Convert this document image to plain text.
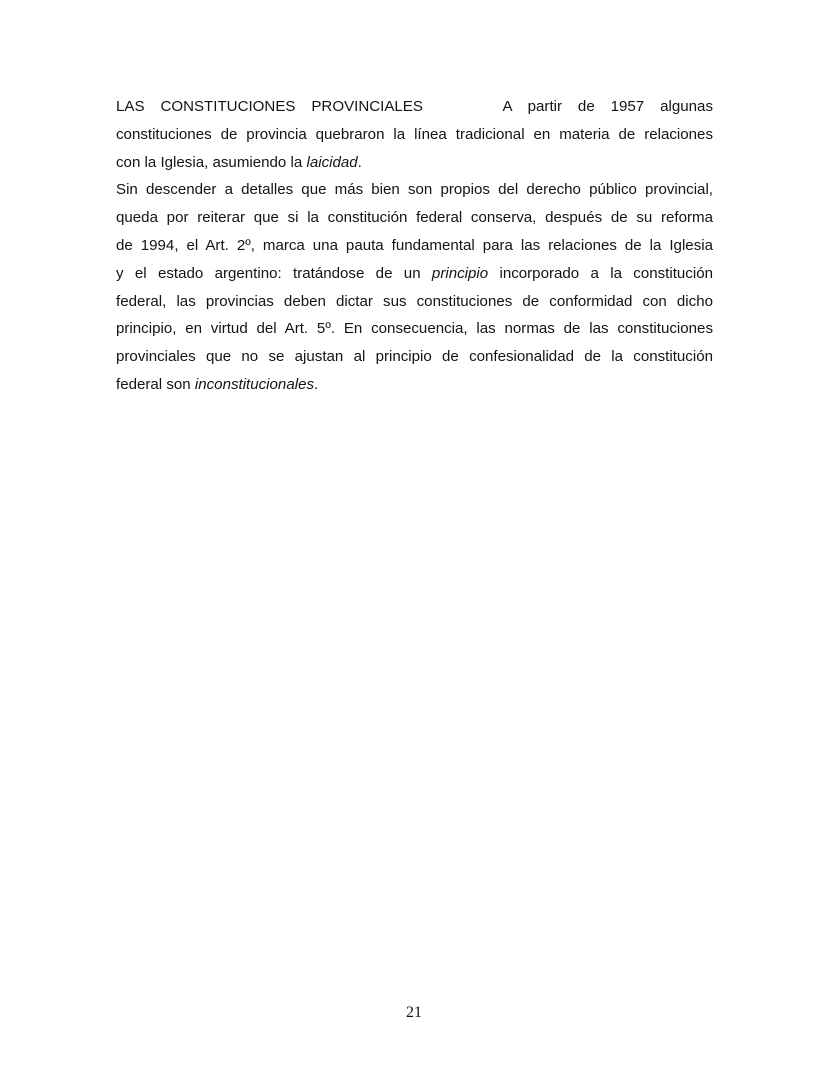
LAS CONSTITUCIONES PROVINCIALES	A partir de 1957 algunas
constituciones de provincia quebraron la línea tradicional en materia de relaciones
con la Iglesia, asumiendo la laicidad.
Sin descender a detalles que más bien son propios del derecho público provincial,
queda por reiterar que si la constitución federal conserva, después de su reforma
de 1994, el Art. 2º, marca una pauta fundamental para las relaciones de la Iglesia
y el estado argentino: tratándose de un principio incorporado a la constitución
federal, las provincias deben dictar sus constituciones de conformidad con dicho
principio, en virtud del Art. 5º. En consecuencia, las normas de las constituciones
provinciales que no se ajustan al principio de confesionalidad de la constitución
federal son inconstitucionales.
21
